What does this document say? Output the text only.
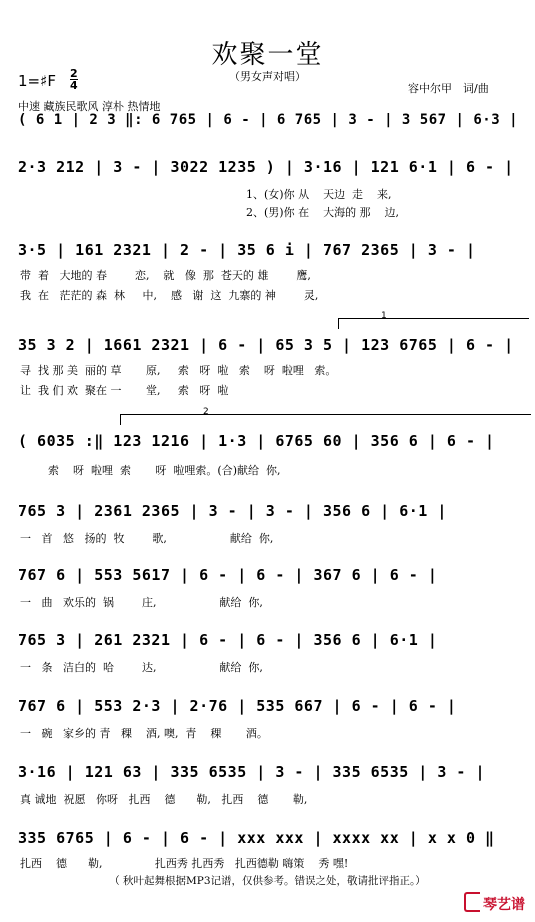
欢聚一堂
（男女声对唱）
1=♯F 2
4	容中尔甲　词/曲
中速 藏族民歌风 淳朴 热情地
( 6 1 | 2 3 ‖: 6 765 | 6 - | 6 765 | 3 - | 3 567 | 6·3 |
2·3 212 | 3 - | 3022 1235 ) | 3·16 | 121 6·1 | 6 - |
1、(女)你 从    天边  走    来,
2、(男)你 在    大海的 那    边,
3·5 | 161 2321 | 2 - | 35 6 i | 767 2365 | 3 - |
带  着   大地的 春        恋,    就   像  那  苍天的 雄        鹰,
我  在   茫茫的 森  林     中,    感   谢  这  九寨的 神        灵,
1
35 3 2 | 1661 2321 | 6 - | 65 3 5 | 123 6765 | 6 - |
寻  找 那 美  丽的 草       原,     索   呀  啦   索    呀  啦哩   索。
让  我 们 欢  聚在 一       堂,     索   呀  啦
2
( 6035 :‖ 123 1216 | 1·3 | 6765 60 | 356 6 | 6 - |
索    呀  啦哩  索       呀  啦哩索。(合)献给  你,
765 3 | 2361 2365 | 3 - | 3 - | 356 6 | 6·1 |
一   首   悠   扬的  牧        歌,                  献给  你,
767 6 | 553 5617 | 6 - | 6 - | 367 6 | 6 - |
一   曲   欢乐的  锅        庄,                  献给  你,
765 3 | 261 2321 | 6 - | 6 - | 356 6 | 6·1 |
一   条   洁白的  哈        达,                  献给  你,
767 6 | 553 2·3 | 2·76 | 535 667 | 6 - | 6 - |
一   碗   家乡的 青   稞    酒, 噢,  青    稞       酒。
3·16 | 121 63 | 335 6535 | 3 - | 335 6535 | 3 - |
真 诚地  祝愿   你呀   扎西    德      勒,   扎西    德       勒,
335 6765 | 6 - | 6 - | xxx xxx | xxxx xx | x x 0 ‖
扎西    德      勒,               扎西秀 扎西秀   扎西德勒 嗨策    秀 嘿!
（ 秋叶起舞根据MP3记谱，仅供参考。错误之处，敬请批评指正。）
琴艺谱
